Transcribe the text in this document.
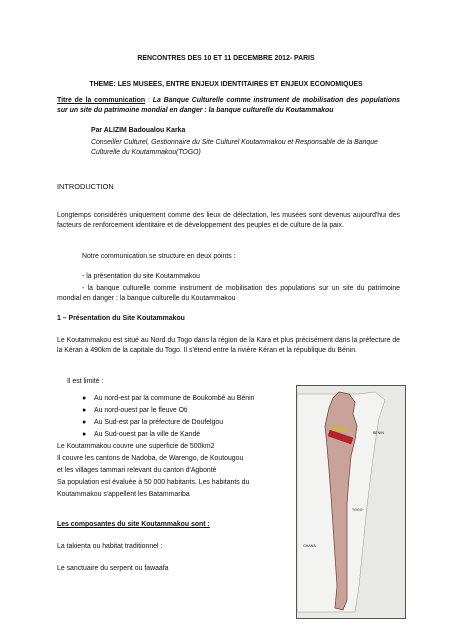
RENCONTRES DES 10 ET 11 DECEMBRE 2012- PARIS

THEME: LES MUSEES, ENTRE ENJEUX IDENTITAIRES ET ENJEUX ECONOMIQUES

Titre de la communication : La Banque Culturelle comme instrument de mobilisation des populations sur un site du patrimoine mondial en danger : la banque culturelle du Koutammakou

Par ALIZIM Badoualou Karka

Conseiller Culturel, Gestionnaire du Site Culturel Koutammakou et Responsable de la Banque Culturelle du Koutammakou(TOGO)

INTRODUCTION

Longtemps considérés uniquement comme des lieux de délectation, les musées sont devenus aujourd'hui des facteurs de renforcement identitaire et de développement des peuples et de culture de la paix.

Notre communication se structure en deux points :

- la présentation du site Koutammakou

- la banque culturelle comme instrument de mobilisation des populations sur un site du patrimoine mondial en danger : la banque culturelle du Koutammakou

1 – Présentation du Site Koutammakou

Le Koutammakou est situé au Nord du Togo dans la région de la Kara et plus précisément dans la préfecture de la Kéran à 490km de la capitale du Togo. Il s'étend entre la rivière Kéran et la république du Bénin.

Il est limité :

● Au nord-est par la commune de Boukombé au Bénin

● Au nord-ouest par le fleuve Oti

● Au Sud-est par la préfecture de Doufelgou

● Au Sud-ouest par la ville de Kandé

Le Koutammakou couvre une superficie de 500km2

Il couvre les cantons de Nadoba, de Warengo, de Koutougou

et les villages tammari relevant du canton d'Agbonté

Sa population est évaluée à 50 000 habitants. Les habitants du

Koutammakou s'appellent les Batammariba

Les composantes du site Koutammakou sont :

La takienta ou habitat traditionnel :

Le sanctuaire du serpent ou fawaafa

BÉNIN
GHANA
TOGO
